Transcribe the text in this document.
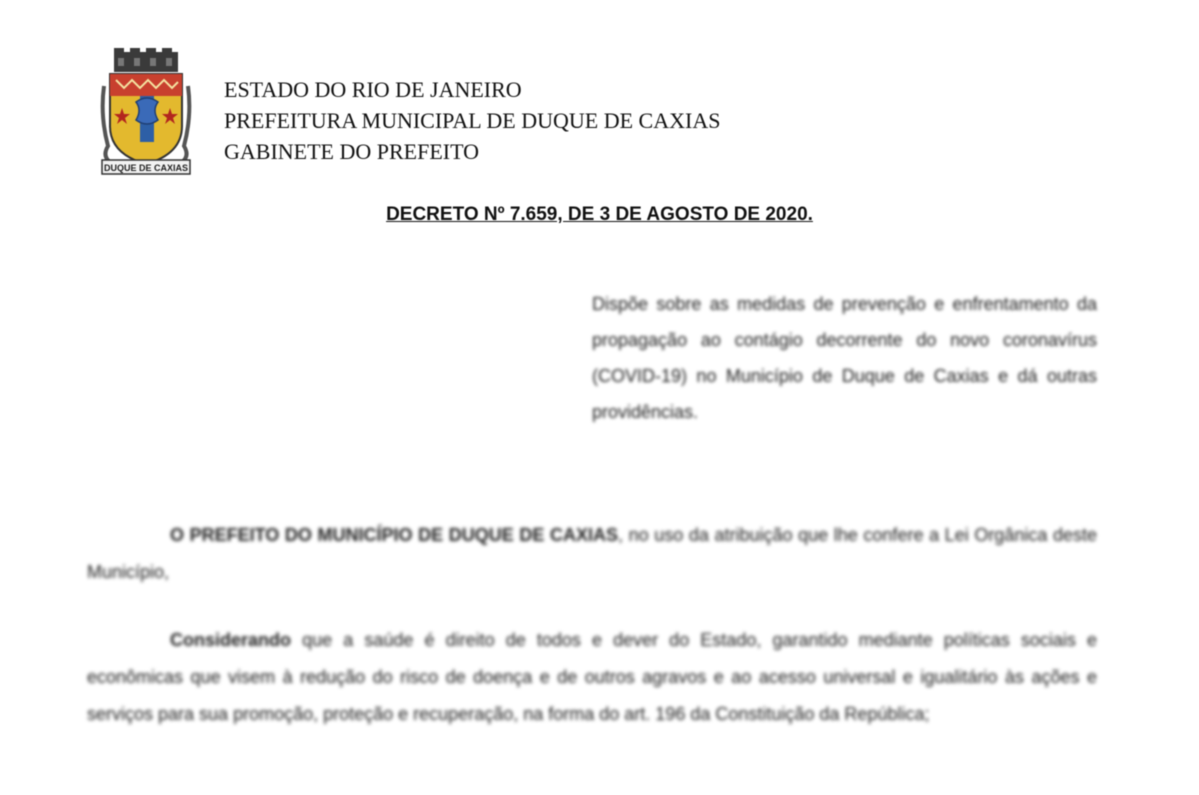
DUQUE DE CAXIAS
ESTADO DO RIO DE JANEIRO
PREFEITURA MUNICIPAL DE DUQUE DE CAXIAS
GABINETE DO PREFEITO
DECRETO Nº 7.659, DE 3 DE AGOSTO DE 2020.
Dispõe sobre as medidas de prevenção e enfrentamento da propagação ao contágio decorrente do novo coronavírus (COVID-19) no Município de Duque de Caxias e dá outras providências.
O PREFEITO DO MUNICÍPIO DE DUQUE DE CAXIAS, no uso da atribuição que lhe confere a Lei Orgânica deste Município,
Considerando que a saúde é direito de todos e dever do Estado, garantido mediante políticas sociais e econômicas que visem à redução do risco de doença e de outros agravos e ao acesso universal e igualitário às ações e serviços para sua promoção, proteção e recuperação, na forma do art. 196 da Constituição da República;
